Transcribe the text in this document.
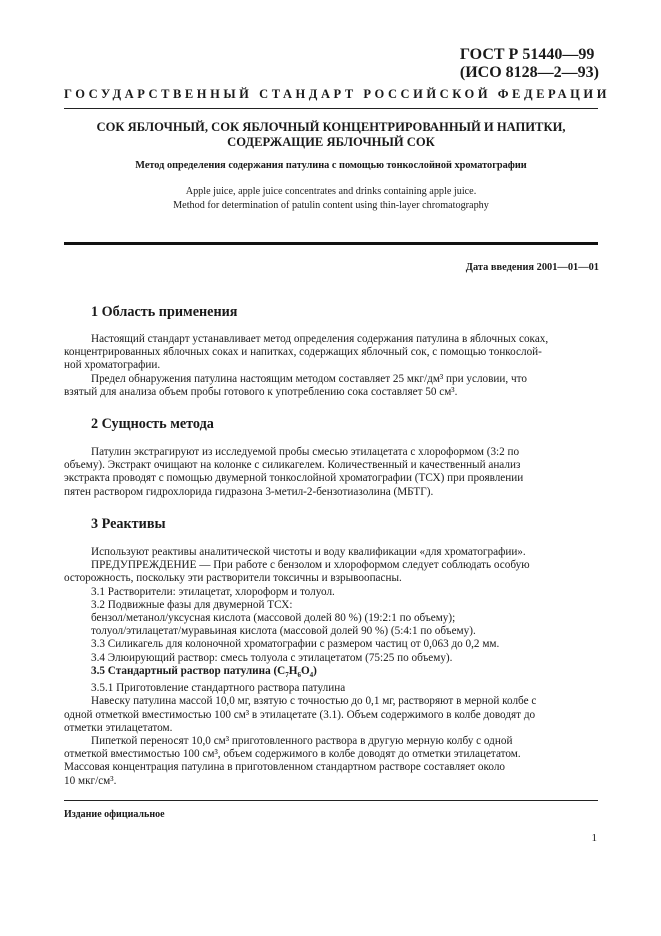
ГОСТ Р 51440—99
(ИСО 8128—2—93)
ГОСУДАРСТВЕННЫЙ СТАНДАРТ РОССИЙСКОЙ ФЕДЕРАЦИИ
СОК ЯБЛОЧНЫЙ, СОК ЯБЛОЧНЫЙ КОНЦЕНТРИРОВАННЫЙ И НАПИТКИ,
СОДЕРЖАЩИЕ ЯБЛОЧНЫЙ СОК
Метод определения содержания патулина с помощью тонкослойной хроматографии
Apple juice, apple juice concentrates and drinks containing apple juice.
Method for determination of patulin content using thin-layer chromatography
Дата введения 2001—01—01
1 Область применения

Настоящий стандарт устанавливает метод определения содержания патулина в яблочных соках,
концентрированных яблочных соках и напитках, содержащих яблочный сок, с помощью тонкослой-
ной хроматографии.

Предел обнаружения патулина настоящим методом составляет 25 мкг/дм³ при условии, что
взятый для анализа объем пробы готового к употреблению сока составляет 50 см³.

2 Сущность метода

Патулин экстрагируют из исследуемой пробы смесью этилацетата с хлороформом (3:2 по
объему). Экстракт очищают на колонке с силикагелем. Количественный и качественный анализ
экстракта проводят с помощью двумерной тонкослойной хроматографии (ТСХ) при проявлении
пятен раствором гидрохлорида гидразона 3-метил-2-бензотиазолина (МБТГ).

3 Реактивы
Используют реактивы аналитической чистоты и воду квалификации «для хроматографии».
ПРЕДУПРЕЖДЕНИЕ — При работе с бензолом и хлороформом следует соблюдать особую
осторожность, поскольку эти растворители токсичны и взрывоопасны.
3.1 Растворители: этилацетат, хлороформ и толуол.
3.2 Подвижные фазы для двумерной ТСХ:
бензол/метанол/уксусная кислота (массовой долей 80 %) (19:2:1 по объему);
толуол/этилацетат/муравьиная кислота (массовой долей 90 %) (5:4:1 по объему).
3.3 Силикагель для колоночной хроматографии с размером частиц от 0,063 до 0,2 мм.
3.4 Элюирующий раствор: смесь толуола с этилацетатом (75:25 по объему).
3.5 Стандартный раствор патулина $(C_7H_6O_4)$
3.5.1 Приготовление стандартного раствора патулина
Навеску патулина массой 10,0 мг, взятую с точностью до 0,1 мг, растворяют в мерной колбе с
одной отметкой вместимостью 100 см³ в этилацетате (3.1). Объем содержимого в колбе доводят до
отметки этилацетатом.
Пипеткой переносят 10,0 см³ приготовленного раствора в другую мерную колбу с одной
отметкой вместимостью 100 см³, объем содержимого в колбе доводят до отметки этилацетатом.
Массовая концентрация патулина в приготовленном стандартном растворе составляет около
10 мкг/см³.
Издание официальное
1
